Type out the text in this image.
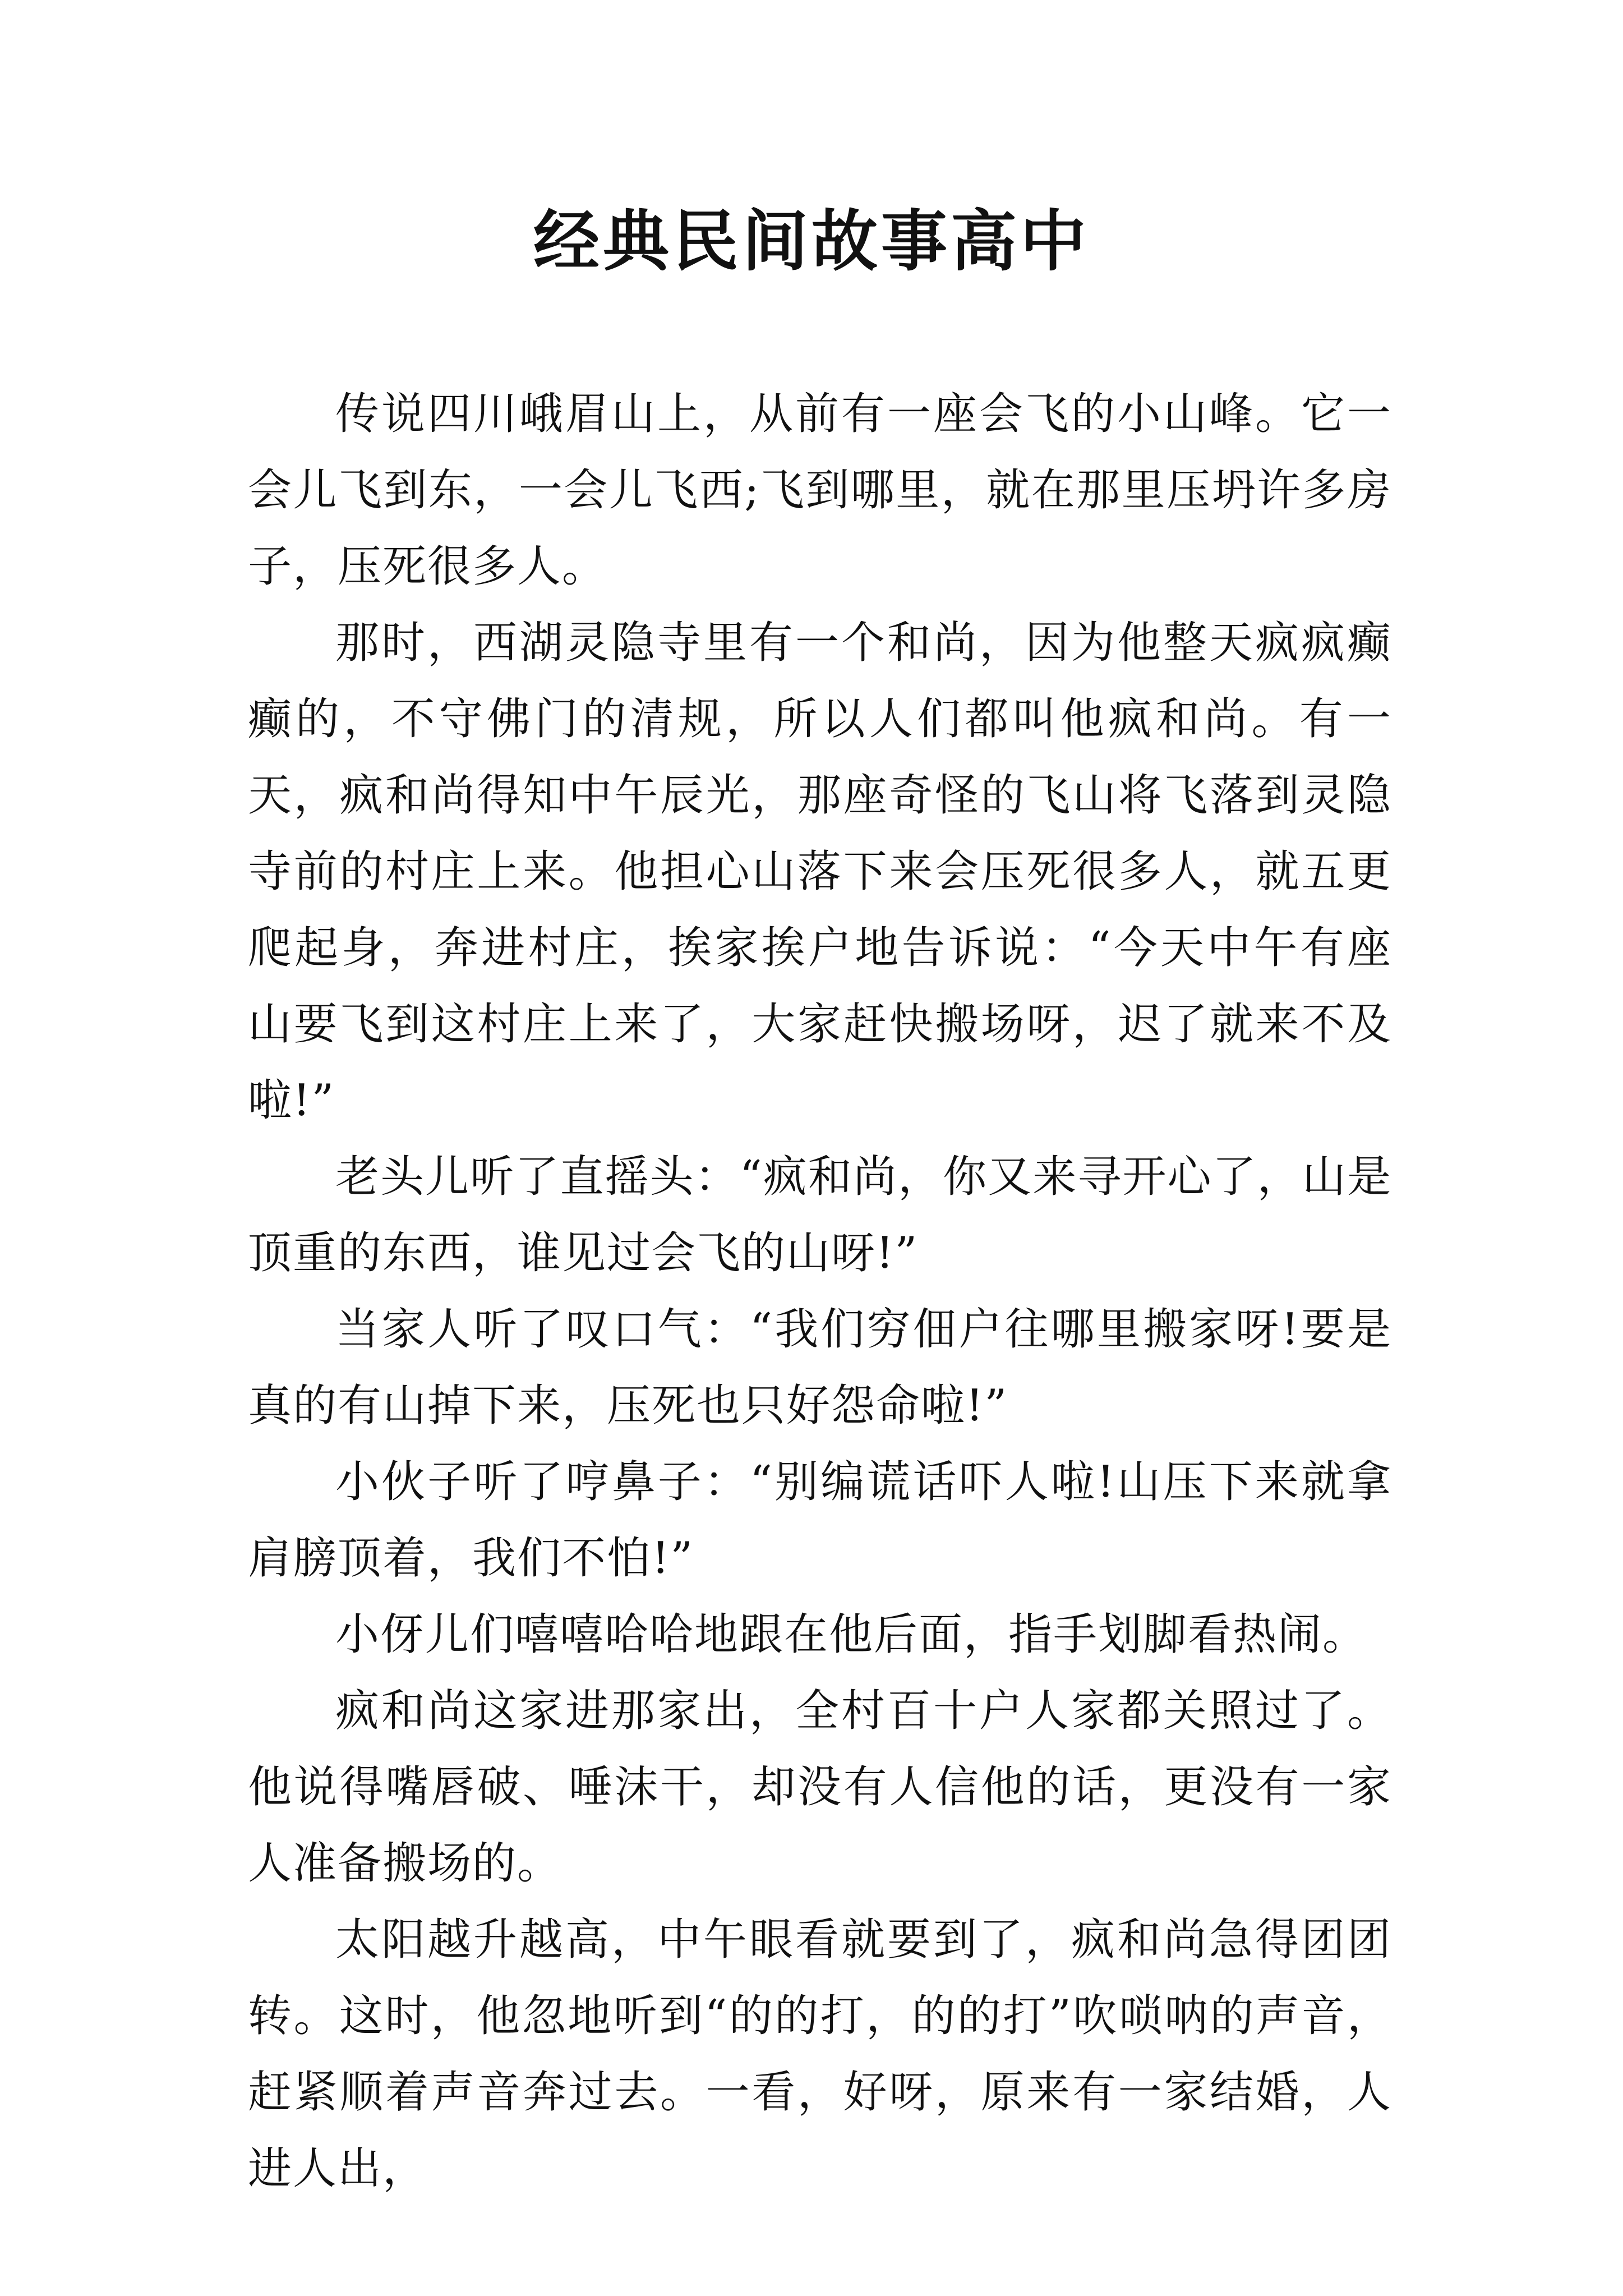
经典民间故事高中

传说四川峨眉山上，从前有一座会飞的小山峰。它一会儿飞到东，一会儿飞西;飞到哪里，就在那里压坍许多房子，压死很多人。

那时，西湖灵隐寺里有一个和尚，因为他整天疯疯癫癫的，不守佛门的清规，所以人们都叫他疯和尚。有一天，疯和尚得知中午辰光，那座奇怪的飞山将飞落到灵隐寺前的村庄上来。他担心山落下来会压死很多人，就五更爬起身，奔进村庄，挨家挨户地告诉说：“今天中午有座山要飞到这村庄上来了，大家赶快搬场呀，迟了就来不及啦!”

老头儿听了直摇头：“疯和尚，你又来寻开心了，山是顶重的东西，谁见过会飞的山呀!”

当家人听了叹口气：“我们穷佃户往哪里搬家呀!要是真的有山掉下来，压死也只好怨命啦!”

小伙子听了哼鼻子：“别编谎话吓人啦!山压下来就拿肩膀顶着，我们不怕!”

小伢儿们嘻嘻哈哈地跟在他后面，指手划脚看热闹。

疯和尚这家进那家出，全村百十户人家都关照过了。他说得嘴唇破、唾沫干，却没有人信他的话，更没有一家人准备搬场的。

太阳越升越高，中午眼看就要到了，疯和尚急得团团转。这时，他忽地听到“的的打，的的打”吹唢呐的声音，赶紧顺着声音奔过去。一看，好呀，原来有一家结婚，人进人出，
